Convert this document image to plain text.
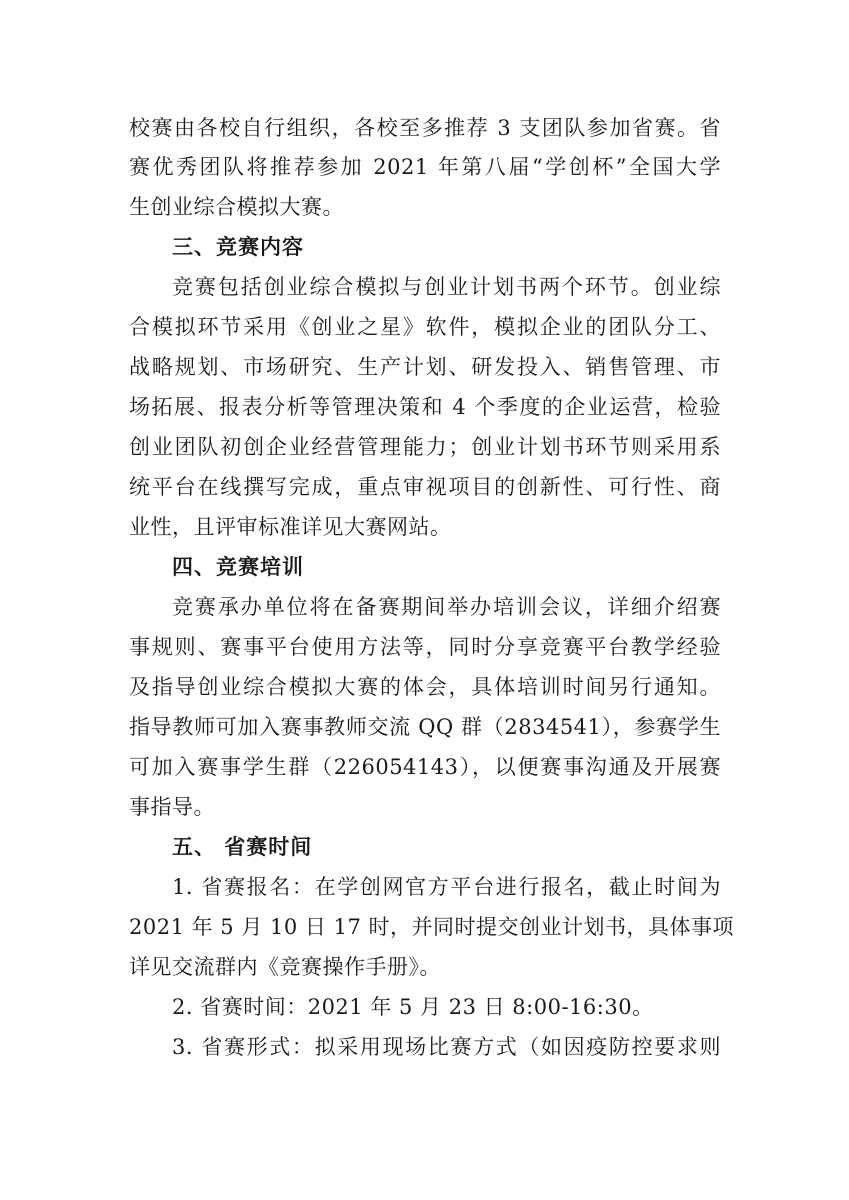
校赛由各校自行组织，各校至多推荐 3 支团队参加省赛。省
赛优秀团队将推荐参加 2021 年第八届“学创杯”全国大学
生创业综合模拟大赛。
三、竞赛内容
竞赛包括创业综合模拟与创业计划书两个环节。创业综
合模拟环节采用《创业之星》软件，模拟企业的团队分工、
战略规划、市场研究、生产计划、研发投入、销售管理、市
场拓展、报表分析等管理决策和 4 个季度的企业运营，检验
创业团队初创企业经营管理能力；创业计划书环节则采用系
统平台在线撰写完成，重点审视项目的创新性、可行性、商
业性，且评审标准详见大赛网站。
四、竞赛培训
竞赛承办单位将在备赛期间举办培训会议，详细介绍赛
事规则、赛事平台使用方法等，同时分享竞赛平台教学经验
及指导创业综合模拟大赛的体会，具体培训时间另行通知。
指导教师可加入赛事教师交流 QQ 群（2834541），参赛学生
可加入赛事学生群（226054143），以便赛事沟通及开展赛
事指导。
五、 省赛时间
1. 省赛报名：在学创网官方平台进行报名，截止时间为
2021 年 5 月 10 日 17 时，并同时提交创业计划书，具体事项
详见交流群内《竞赛操作手册》。
2. 省赛时间：2021 年 5 月 23 日 8:00-16:30。
3. 省赛形式：拟采用现场比赛方式（如因疫防控要求则
